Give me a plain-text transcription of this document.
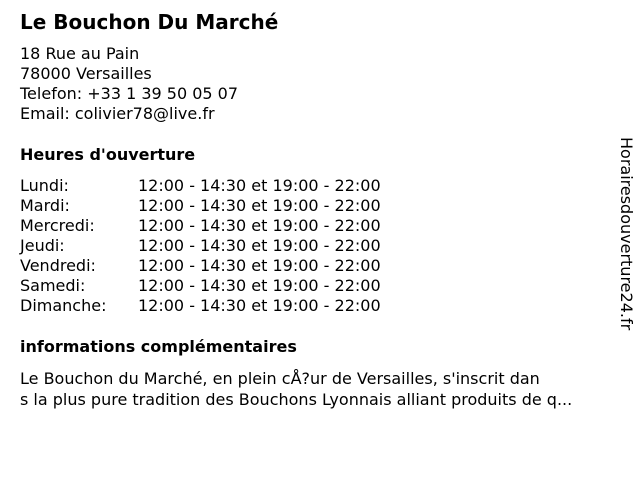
Le Bouchon Du Marché
18 Rue au Pain
78000 Versailles
Telefon: +33 1 39 50 05 07
Email: colivier78@live.fr
Heures d'ouverture
Lundi:	12:00 - 14:30 et 19:00 - 22:00
Mardi:	12:00 - 14:30 et 19:00 - 22:00
Mercredi:	12:00 - 14:30 et 19:00 - 22:00
Jeudi:	12:00 - 14:30 et 19:00 - 22:00
Vendredi:	12:00 - 14:30 et 19:00 - 22:00
Samedi:	12:00 - 14:30 et 19:00 - 22:00
Dimanche:	12:00 - 14:30 et 19:00 - 22:00
informations complémentaires
Le Bouchon du Marché, en plein cÅ?ur de Versailles, s'inscrit dan
s la plus pure tradition des Bouchons Lyonnais alliant produits de q...
Horairesdouverture24.fr
